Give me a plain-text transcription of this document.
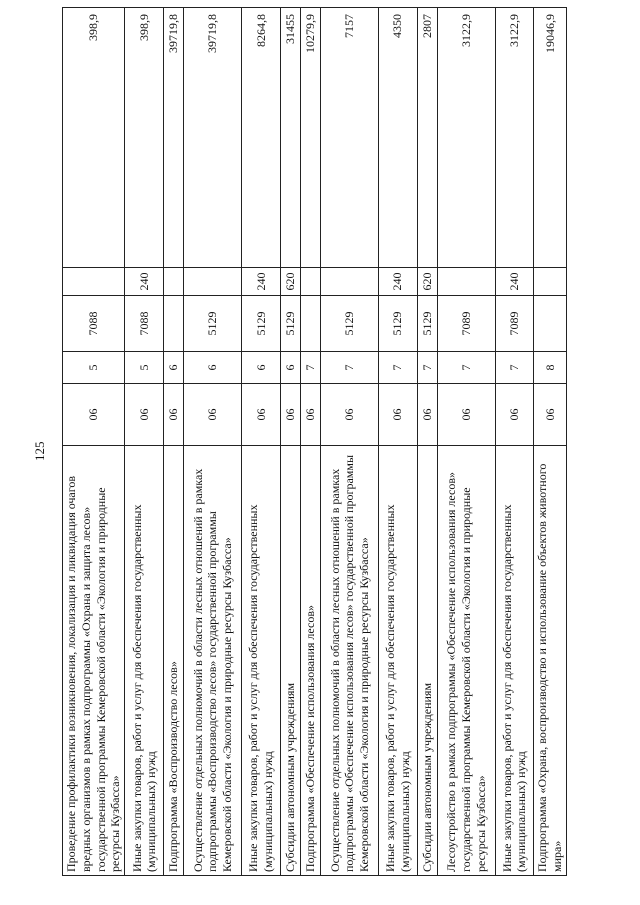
125
Проведение профилактики возникновения, локализация и ликвидация очагов вредных организмов в рамках подпрограммы «Охрана и защита лесов» государственной программы Кемеровской области «Экология и природные ресурсы Кузбасса»	06	5	7088		398,9
Иные закупки товаров, работ и услуг для обеспечения государственных (муниципальных) нужд	06	5	7088	240	398,9
Подпрограмма «Воспроизводство лесов»	06	6			39719,8
Осуществление отдельных полномочий в области лесных отношений в рамках подпрограммы «Воспроизводство лесов» государственной программы Кемеровской области «Экология и природные ресурсы Кузбасса»	06	6	5129		39719,8
Иные закупки товаров, работ и услуг для обеспечения государственных (муниципальных) нужд	06	6	5129	240	8264,8
Субсидии автономным учреждениям	06	6	5129	620	31455
Подпрограмма «Обеспечение использования лесов»	06	7			10279,9
Осуществление отдельных полномочий в области лесных отношений в рамках подпрограммы «Обеспечение использования лесов» государственной программы Кемеровской области «Экология и природные ресурсы Кузбасса»	06	7	5129		7157
Иные закупки товаров, работ и услуг для обеспечения государственных (муниципальных) нужд	06	7	5129	240	4350
Субсидии автономным учреждениям	06	7	5129	620	2807
Лесоустройство в рамках подпрограммы «Обеспечение использования лесов» государственной программы Кемеровской области «Экология и природные ресурсы Кузбасса»	06	7	7089		3122,9
Иные закупки товаров, работ и услуг для обеспечения государственных (муниципальных) нужд	06	7	7089	240	3122,9
Подпрограмма «Охрана, воспроизводство и использование объектов животного мира»	06	8			19046,9
